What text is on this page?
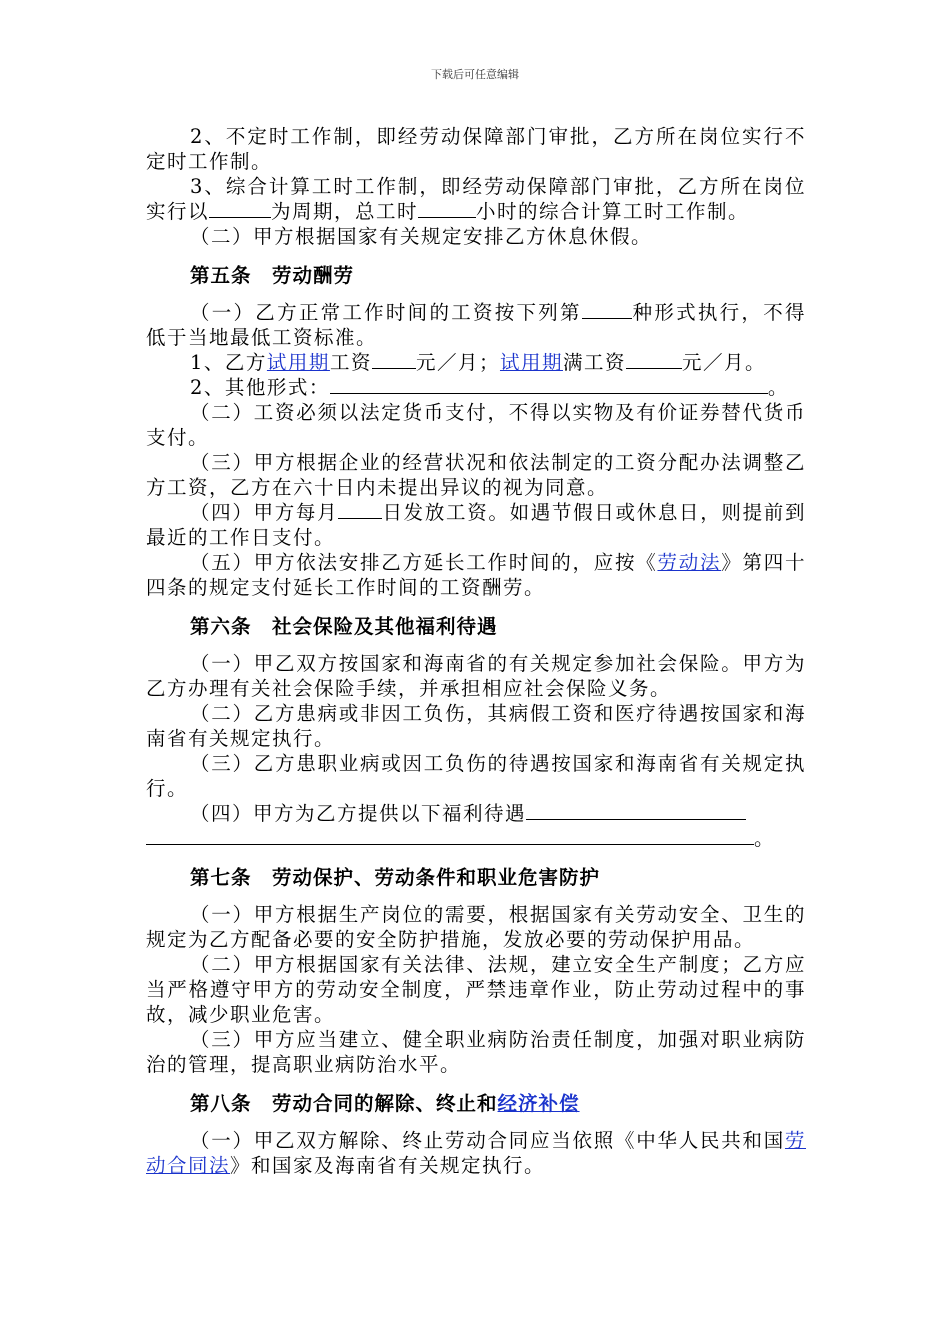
下载后可任意编辑

2、不定时工作制，即经劳动保障部门审批，乙方所在岗位实行不定时工作制。

3、综合计算工时工作制，即经劳动保障部门审批，乙方所在岗位实行以	为周期，总工时	小时的综合计算工时工作制。

（二）甲方根据国家有关规定安排乙方休息休假。

第五条　劳动酬劳

（一）乙方正常工作时间的工资按下列第	种形式执行，不得低于当地最低工资标准。

1、乙方试用期工资 元／月；试用期满工资	元／月。

2、其他形式：	。

（二）工资必须以法定货币支付，不得以实物及有价证券替代货币支付。

（三）甲方根据企业的经营状况和依法制定的工资分配办法调整乙方工资，乙方在六十日内未提出异议的视为同意。

（四）甲方每月 日发放工资。如遇节假日或休息日，则提前到最近的工作日支付。

（五）甲方依法安排乙方延长工作时间的，应按《劳动法》第四十四条的规定支付延长工作时间的工资酬劳。

第六条　社会保险及其他福利待遇

（一）甲乙双方按国家和海南省的有关规定参加社会保险。甲方为乙方办理有关社会保险手续，并承担相应社会保险义务。

（二）乙方患病或非因工负伤，其病假工资和医疗待遇按国家和海南省有关规定执行。

（三）乙方患职业病或因工负伤的待遇按国家和海南省有关规定执行。

（四）甲方为乙方提供以下福利待遇

。

第七条　劳动保护、劳动条件和职业危害防护

（一）甲方根据生产岗位的需要，根据国家有关劳动安全、卫生的规定为乙方配备必要的安全防护措施，发放必要的劳动保护用品。

（二）甲方根据国家有关法律、法规，建立安全生产制度；乙方应当严格遵守甲方的劳动安全制度，严禁违章作业，防止劳动过程中的事故，减少职业危害。

（三）甲方应当建立、健全职业病防治责任制度，加强对职业病防治的管理，提高职业病防治水平。

第八条　劳动合同的解除、终止和经济补偿

（一）甲乙双方解除、终止劳动合同应当依照《中华人民共和国劳动合同法》和国家及海南省有关规定执行。
